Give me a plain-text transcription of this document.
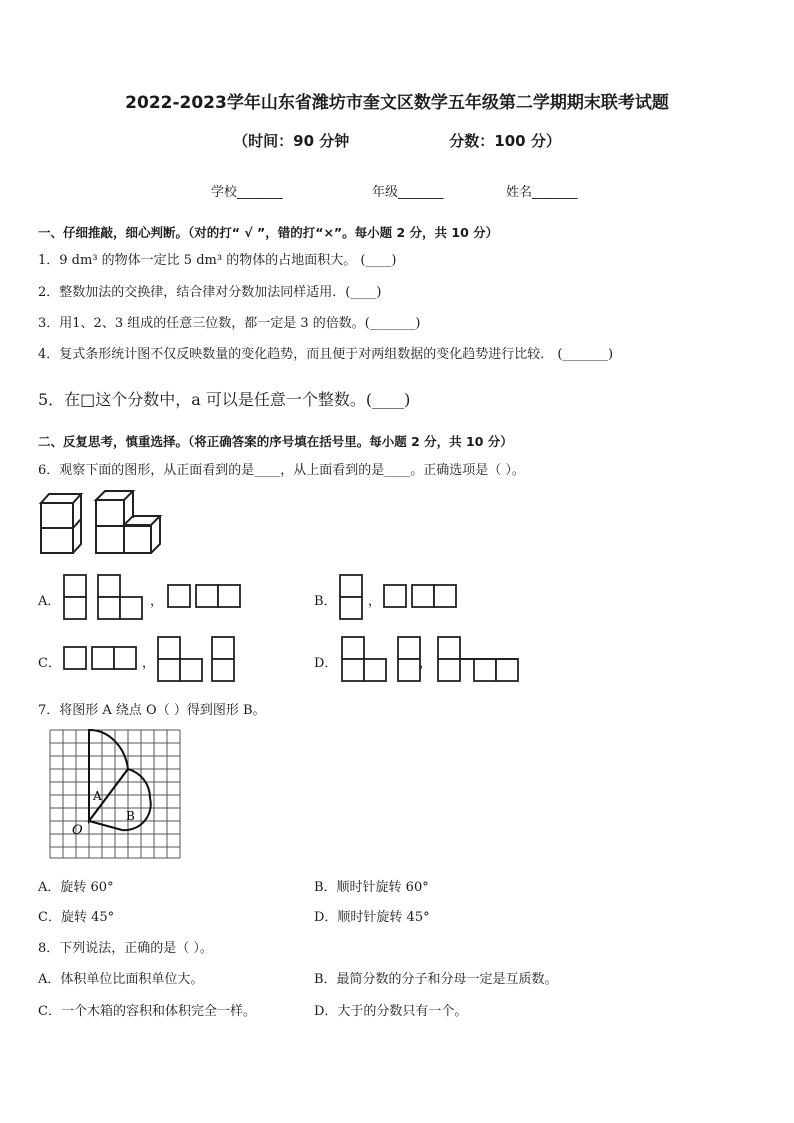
2022-2023学年山东省潍坊市奎文区数学五年级第二学期期末联考试题
（时间：90 分钟	分数：100 分）
学校_______	年级_______	姓名_______
一、仔细推敲，细心判断。（对的打“ √ ”，错的打“×”。每小题 2 分，共 10 分）
1．9 dm³ 的物体一定比 5 dm³ 的物体的占地面积大。 (____)
2．整数加法的交换律，结合律对分数加法同样适用．(____)
3．用1、2、3 组成的任意三位数，都一定是 3 的倍数。(_______)
4．复式条形统计图不仅反映数量的变化趋势，而且便于对两组数据的变化趋势进行比较． (_______)
5．在□这个分数中，a 可以是任意一个整数。(____)
二、反复思考，慎重选择。（将正确答案的序号填在括号里。每小题 2 分，共 10 分）
6．观察下面的图形，从正面看到的是____，从上面看到的是____。正确选项是（ ）。
A．	，	B． ，
C．	，	D．	，
7．将图形 A 绕点 O（ ）得到图形 B。
A
B
O
A．旋转 60°	B．顺时针旋转 60°
C．旋转 45°	D．顺时针旋转 45°
8．下列说法，正确的是（ ）。
A．体积单位比面积单位大。	B．最简分数的分子和分母一定是互质数。
C．一个木箱的容积和体积完全一样。	D．大于的分数只有一个。
